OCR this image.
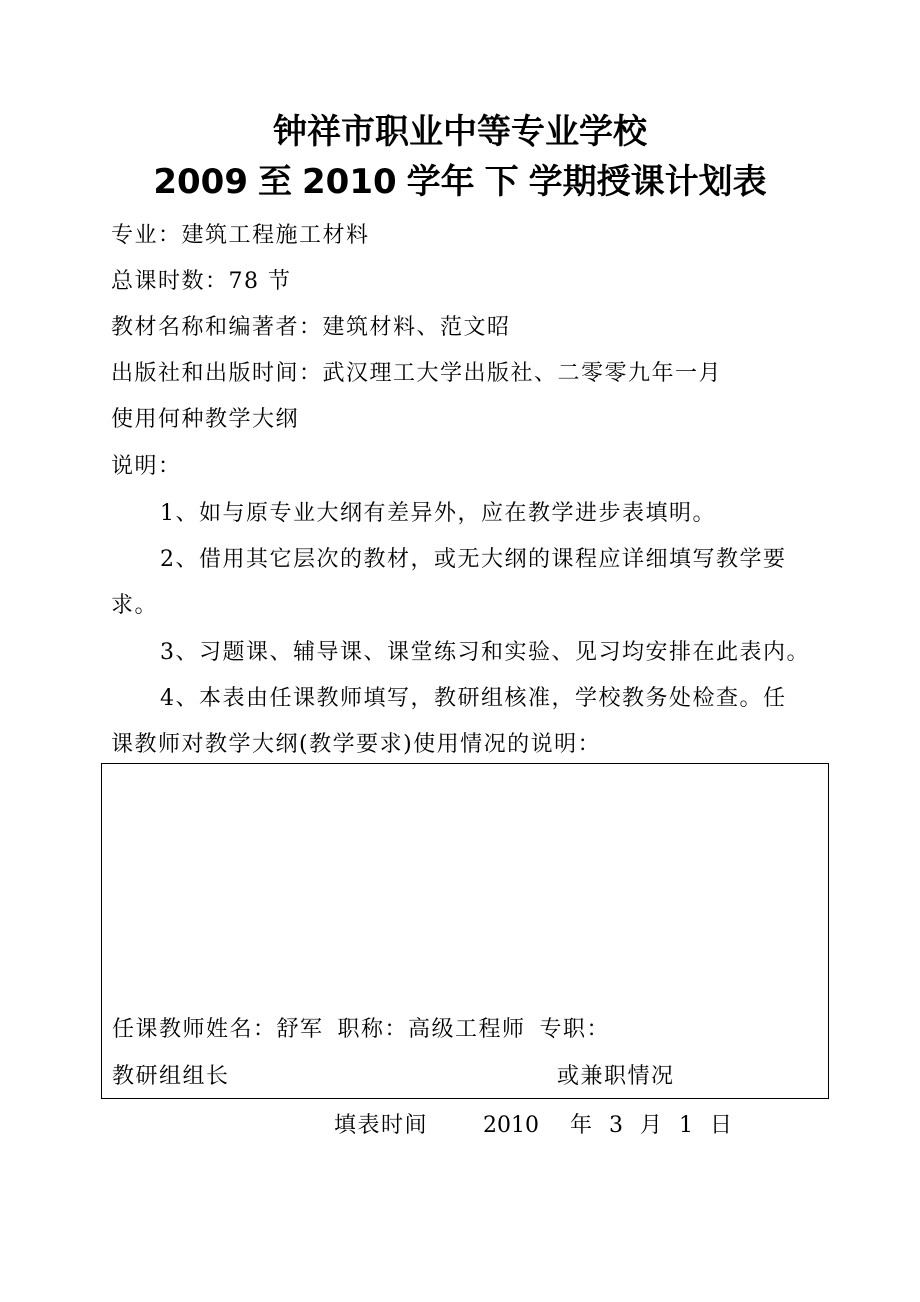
钟祥市职业中等专业学校
2009 至 2010 学年 下 学期授课计划表
专业：建筑工程施工材料
总课时数：78 节
教材名称和编著者：建筑材料、范文昭
出版社和出版时间：武汉理工大学出版社、二零零九年一月
使用何种教学大纲
说明：
1、如与原专业大纲有差异外，应在教学进步表填明。
2、借用其它层次的教材，或无大纲的课程应详细填写教学要
求。
3、习题课、辅导课、课堂练习和实验、见习均安排在此表内。
4、本表由任课教师填写，教研组核准，学校教务处检查。任
课教师对教学大纲(教学要求)使用情况的说明：
任课教师姓名：舒军 职称：高级工程师 专职：
教研组组长	或兼职情况
填表时间	2010 年 3 月 1 日
